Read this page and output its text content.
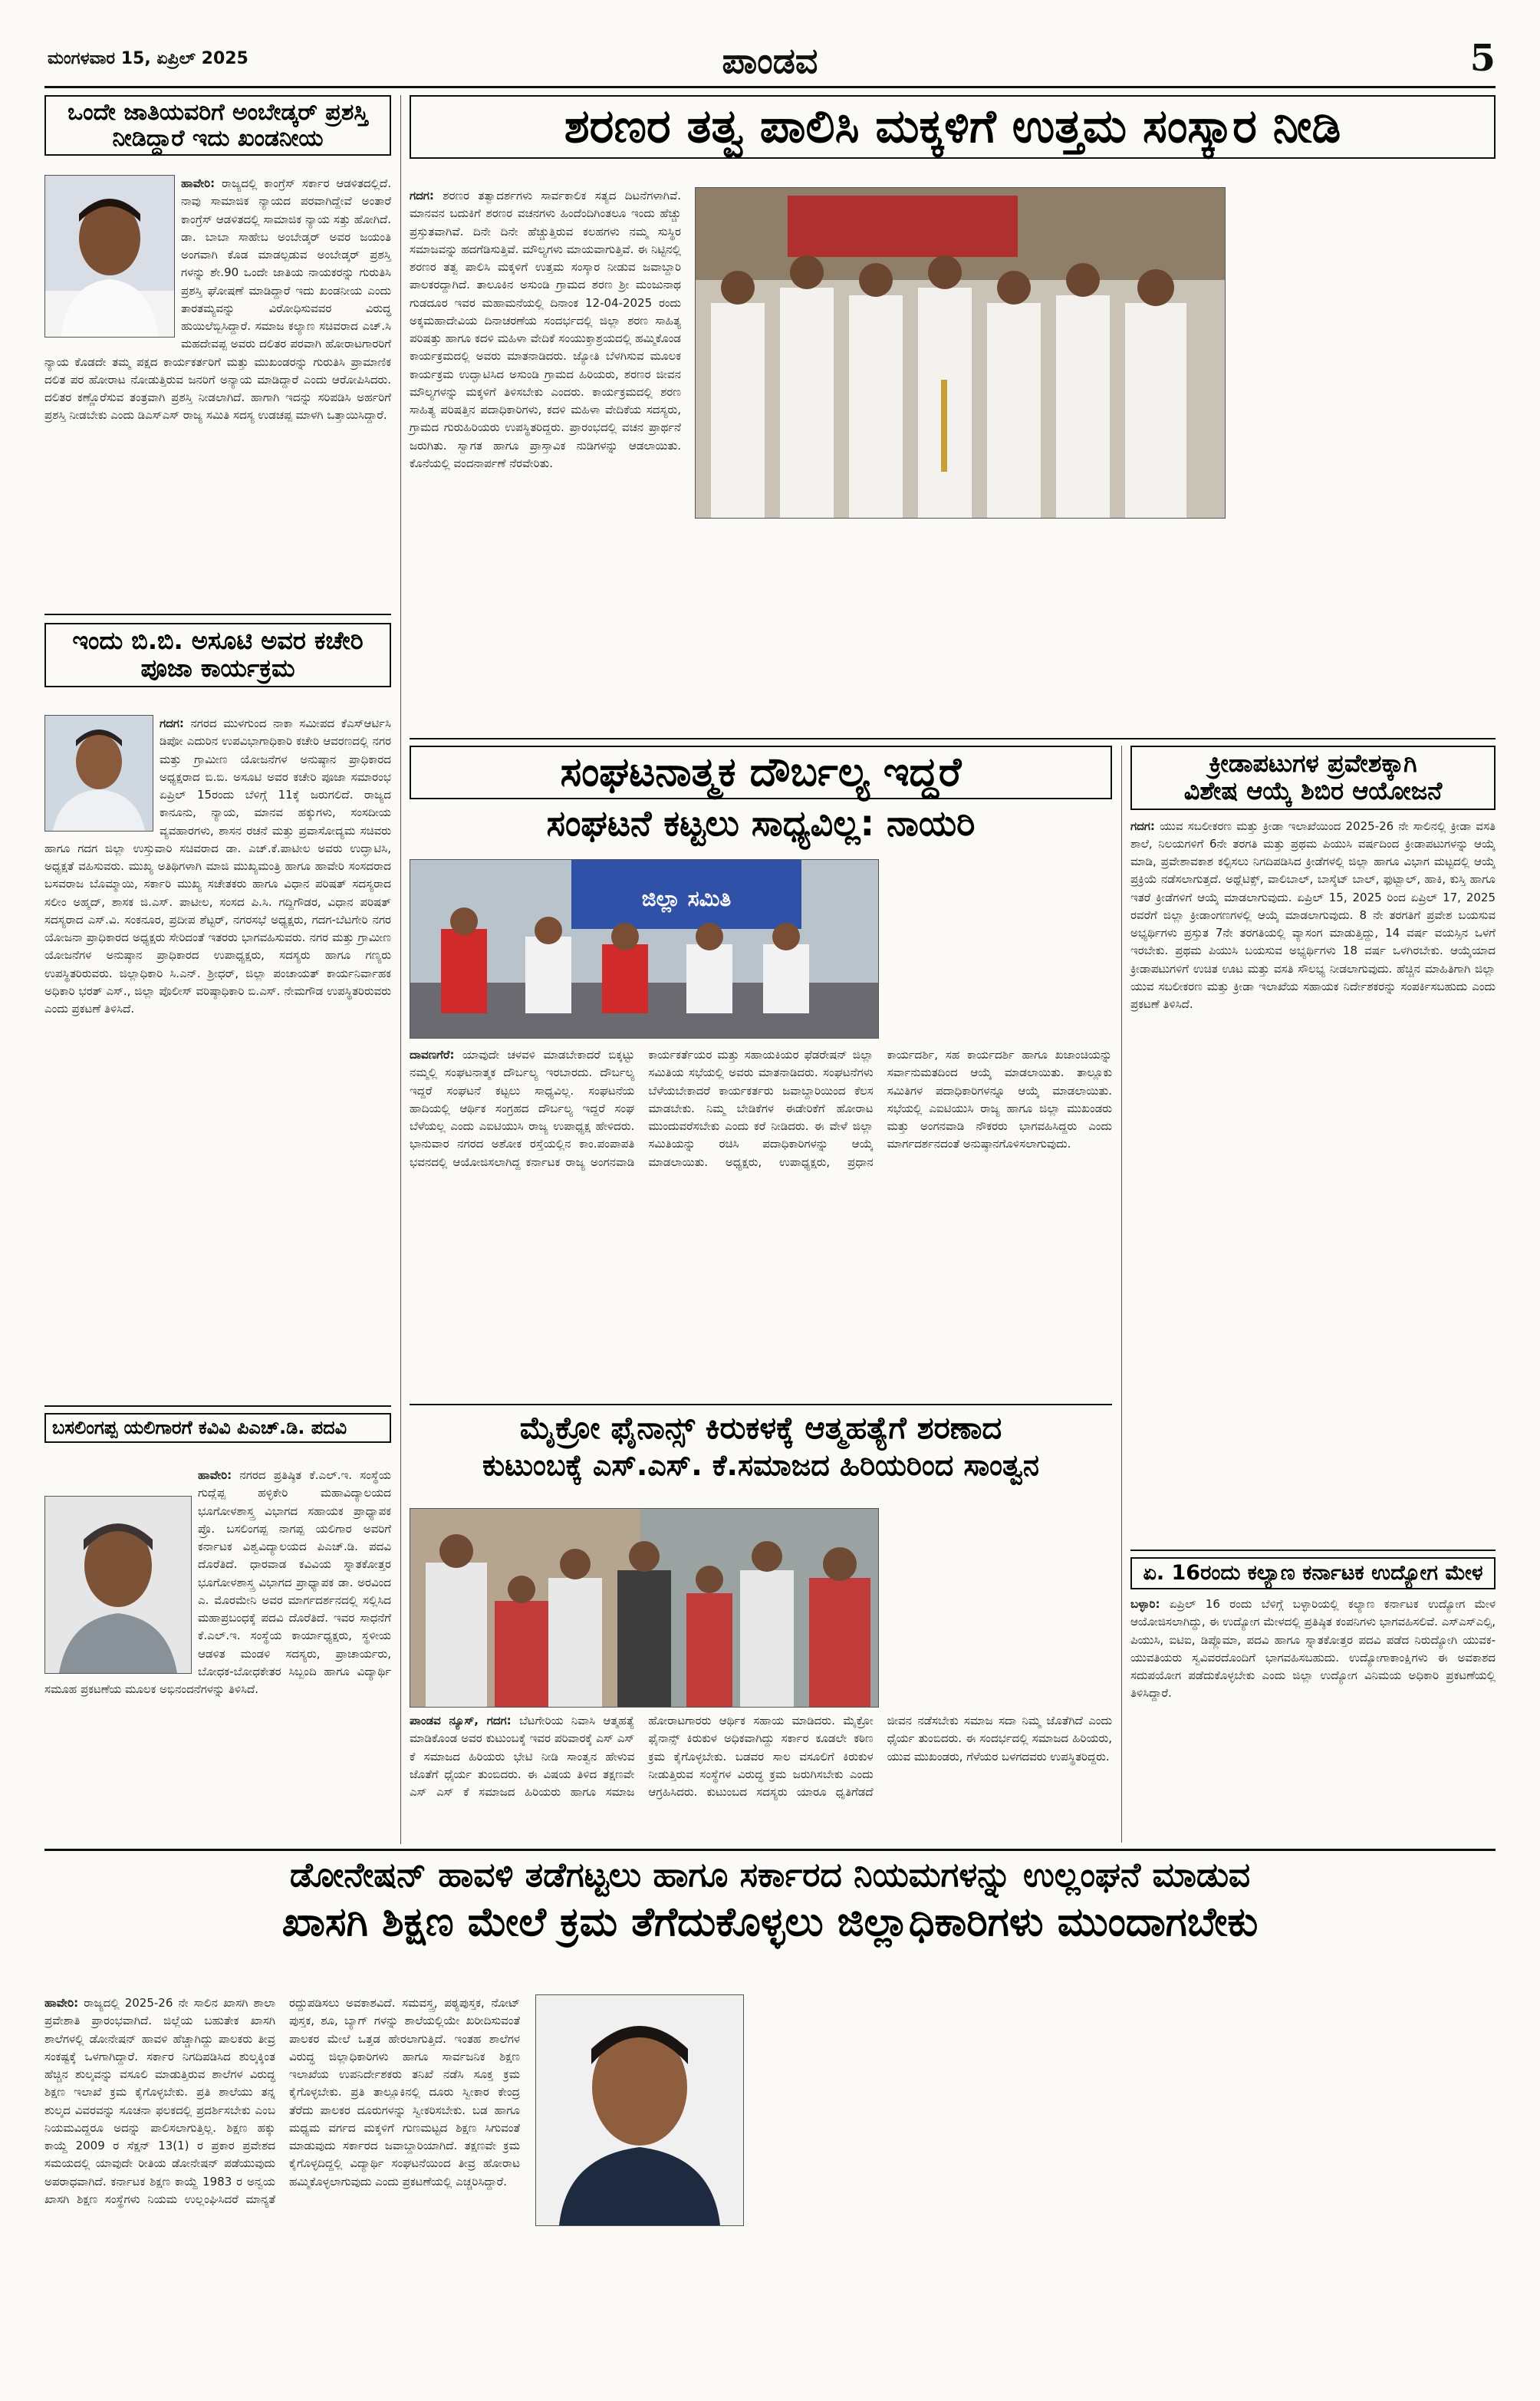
ಮಂಗಳವಾರ 15, ಏಪ್ರಿಲ್ 2025	ಪಾಂಡವ	5
ಒಂದೇ ಜಾತಿಯವರಿಗೆ ಅಂಬೇಡ್ಕರ್ ಪ್ರಶಸ್ತಿ ನೀಡಿದ್ದಾರೆ ಇದು ಖಂಡನೀಯ
ಹಾವೇರಿ: ರಾಜ್ಯದಲ್ಲಿ ಕಾಂಗ್ರೆಸ್ ಸರ್ಕಾರ ಆಡಳಿತದಲ್ಲಿದೆ. ನಾವು ಸಾಮಾಜಿಕ ನ್ಯಾಯದ ಪರವಾಗಿದ್ದೇವೆ ಅಂತಾರೆ ಕಾಂಗ್ರೆಸ್ ಆಡಳಿತದಲ್ಲಿ ಸಾಮಾಜಿಕ ನ್ಯಾಯ ಸತ್ತು ಹೋಗಿದೆ. ಡಾ. ಬಾಬಾ ಸಾಹೇಬ ಅಂಬೇಡ್ಕರ್ ಅವರ ಜಯಂತಿ ಅಂಗವಾಗಿ ಕೊಡ ಮಾಡಲ್ಪಡುವ ಅಂಬೇಡ್ಕರ್ ಪ್ರಶಸ್ತಿ ಗಳನ್ನು ಶೇ.90 ಒಂದೇ ಜಾತಿಯ ನಾಯಕರನ್ನು ಗುರುತಿಸಿ ಪ್ರಶಸ್ತಿ ಘೋಷಣೆ ಮಾಡಿದ್ದಾರೆ ಇದು ಖಂಡನೀಯ ಎಂದು ತಾರತಮ್ಯವನ್ನು ವಿರೋಧಿಸುವವರ ವಿರುದ್ಧ ಹುಯಿಲೆಬ್ಬಿಸಿದ್ದಾರೆ. ಸಮಾಜ ಕಲ್ಯಾಣ ಸಚಿವರಾದ ಎಚ್.ಸಿ ಮಹದೇವಪ್ಪ ಅವರು ದಲಿತರ ಪರವಾಗಿ ಹೋರಾಟಗಾರರಿಗೆ ನ್ಯಾಯ ಕೊಡದೇ ತಮ್ಮ ಪಕ್ಷದ ಕಾರ್ಯಕರ್ತರಿಗೆ ಮತ್ತು ಮುಖಂಡರನ್ನು ಗುರುತಿಸಿ ಪ್ರಾಮಾಣಿಕ ದಲಿತ ಪರ ಹೋರಾಟ ನೋಡುತ್ತಿರುವ ಜನರಿಗೆ ಅನ್ಯಾಯ ಮಾಡಿದ್ದಾರೆ ಎಂದು ಆರೋಪಿಸಿದರು. ದಲಿತರ ಕಣ್ಣೊರೆಸುವ ತಂತ್ರವಾಗಿ ಪ್ರಶಸ್ತಿ ನೀಡಲಾಗಿದೆ. ಹಾಗಾಗಿ ಇದನ್ನು ಸರಿಪಡಿಸಿ ಅರ್ಹರಿಗೆ ಪ್ರಶಸ್ತಿ ನೀಡಬೇಕು ಎಂದು ಡಿಎಸ್ಎಸ್ ರಾಜ್ಯ ಸಮಿತಿ ಸದಸ್ಯ ಉಡಚಪ್ಪ ಮಾಳಗಿ ಒತ್ತಾಯಿಸಿದ್ದಾರೆ.
ಇಂದು ಬಿ.ಬಿ. ಅಸೂಟಿ ಅವರ ಕಚೇರಿ ಪೂಜಾ ಕಾರ್ಯಕ್ರಮ
ಗದಗ: ನಗರದ ಮುಳಗುಂದ ನಾಕಾ ಸಮೀಪದ ಕೆಎಸ್ಆರ್ಟಿಸಿ ಡಿಪೋ ಎದುರಿನ ಉಪವಿಭಾಗಾಧಿಕಾರಿ ಕಚೇರಿ ಆವರಣದಲ್ಲಿ ನಗರ ಮತ್ತು ಗ್ರಾಮೀಣ ಯೋಜನೆಗಳ ಅನುಷ್ಠಾನ ಪ್ರಾಧಿಕಾರದ ಅಧ್ಯಕ್ಷರಾದ ಬಿ.ಬಿ. ಅಸೂಟಿ ಅವರ ಕಚೇರಿ ಪೂಜಾ ಸಮಾರಂಭ ಏಪ್ರಿಲ್ 15ರಂದು ಬೆಳಿಗ್ಗೆ 11ಕ್ಕೆ ಜರುಗಲಿದೆ. ರಾಜ್ಯದ ಕಾನೂನು, ನ್ಯಾಯ, ಮಾನವ ಹಕ್ಕುಗಳು, ಸಂಸದೀಯ ವ್ಯವಹಾರಗಳು, ಶಾಸನ ರಚನೆ ಮತ್ತು ಪ್ರವಾಸೋದ್ಯಮ ಸಚಿವರು ಹಾಗೂ ಗದಗ ಜಿಲ್ಲಾ ಉಸ್ತುವಾರಿ ಸಚಿವರಾದ ಡಾ. ಎಚ್.ಕೆ.ಪಾಟೀಲ ಅವರು ಉದ್ಘಾಟಿಸಿ, ಅಧ್ಯಕ್ಷತೆ ವಹಿಸುವರು. ಮುಖ್ಯ ಅತಿಥಿಗಳಾಗಿ ಮಾಜಿ ಮುಖ್ಯಮಂತ್ರಿ ಹಾಗೂ ಹಾವೇರಿ ಸಂಸದರಾದ ಬಸವರಾಜ ಬೊಮ್ಮಾಯಿ, ಸರ್ಕಾರಿ ಮುಖ್ಯ ಸಚೇತಕರು ಹಾಗೂ ವಿಧಾನ ಪರಿಷತ್ ಸದಸ್ಯರಾದ ಸಲೀಂ ಅಹ್ಮದ್, ಶಾಸಕ ಜಿ.ಎಸ್. ಪಾಟೀಲ, ಸಂಸದ ಪಿ.ಸಿ. ಗದ್ದಿಗೌಡರ, ವಿಧಾನ ಪರಿಷತ್ ಸದಸ್ಯರಾದ ಎಸ್.ವಿ. ಸಂಕನೂರ, ಪ್ರದೀಪ ಶೆಟ್ಟರ್, ನಗರಸಭೆ ಅಧ್ಯಕ್ಷರು, ಗದಗ-ಬೆಟಗೇರಿ ನಗರ ಯೋಜನಾ ಪ್ರಾಧಿಕಾರದ ಅಧ್ಯಕ್ಷರು ಸೇರಿದಂತೆ ಇತರರು ಭಾಗವಹಿಸುವರು. ನಗರ ಮತ್ತು ಗ್ರಾಮೀಣ ಯೋಜನೆಗಳ ಅನುಷ್ಠಾನ ಪ್ರಾಧಿಕಾರದ ಉಪಾಧ್ಯಕ್ಷರು, ಸದಸ್ಯರು ಹಾಗೂ ಗಣ್ಯರು ಉಪಸ್ಥಿತರಿರುವರು. ಜಿಲ್ಲಾಧಿಕಾರಿ ಸಿ.ಎನ್. ಶ್ರೀಧರ್, ಜಿಲ್ಲಾ ಪಂಚಾಯತ್ ಕಾರ್ಯನಿರ್ವಾಹಕ ಅಧಿಕಾರಿ ಭರತ್ ಎಸ್., ಜಿಲ್ಲಾ ಪೊಲೀಸ್ ವರಿಷ್ಠಾಧಿಕಾರಿ ಬಿ.ಎಸ್. ನೇಮಗೌಡ ಉಪಸ್ಥಿತರಿರುವರು ಎಂದು ಪ್ರಕಟಣೆ ತಿಳಿಸಿದೆ.
ಬಸಲಿಂಗಪ್ಪ ಯಲಿಗಾರಗೆ ಕವಿವಿ ಪಿಎಚ್.ಡಿ. ಪದವಿ
ಹಾವೇರಿ: ನಗರದ ಪ್ರತಿಷ್ಠಿತ ಕೆ.ಎಲ್.ಇ. ಸಂಸ್ಥೆಯ ಗುದ್ಲೆಪ್ಪ ಹಳ್ಳಿಕೇರಿ ಮಹಾವಿದ್ಯಾಲಯದ ಭೂಗೋಳಶಾಸ್ತ್ರ ವಿಭಾಗದ ಸಹಾಯಕ ಪ್ರಾಧ್ಯಾಪಕ ಪ್ರೊ. ಬಸಲಿಂಗಪ್ಪ ನಾಗಪ್ಪ ಯಲಿಗಾರ ಅವರಿಗೆ ಕರ್ನಾಟಕ ವಿಶ್ವವಿದ್ಯಾಲಯದ ಪಿಎಚ್.ಡಿ. ಪದವಿ ದೊರೆತಿದೆ. ಧಾರವಾಡ ಕವಿವಿಯ ಸ್ನಾತಕೋತ್ತರ ಭೂಗೋಳಶಾಸ್ತ್ರ ವಿಭಾಗದ ಪ್ರಾಧ್ಯಾಪಕ ಡಾ. ಅರವಿಂದ ಎ. ಮೊರಮೇನಿ ಅವರ ಮಾರ್ಗದರ್ಶನದಲ್ಲಿ ಸಲ್ಲಿಸಿದ ಮಹಾಪ್ರಬಂಧಕ್ಕೆ ಪದವಿ ದೊರೆತಿದೆ. ಇವರ ಸಾಧನೆಗೆ ಕೆ.ಎಲ್.ಇ. ಸಂಸ್ಥೆಯ ಕಾರ್ಯಾಧ್ಯಕ್ಷರು, ಸ್ಥಳೀಯ ಆಡಳಿತ ಮಂಡಳಿ ಸದಸ್ಯರು, ಪ್ರಾಚಾರ್ಯರು, ಬೋಧಕ-ಬೋಧಕೇತರ ಸಿಬ್ಬಂದಿ ಹಾಗೂ ವಿದ್ಯಾರ್ಥಿ ಸಮೂಹ ಪ್ರಕಟಣೆಯ ಮೂಲಕ ಅಭಿನಂದನೆಗಳನ್ನು ತಿಳಿಸಿದೆ.
ಶರಣರ ತತ್ವ ಪಾಲಿಸಿ ಮಕ್ಕಳಿಗೆ ಉತ್ತಮ ಸಂಸ್ಕಾರ ನೀಡಿ
ಗದಗ: ಶರಣರ ತತ್ವಾದರ್ಶಗಳು ಸಾರ್ವಕಾಲಿಕ ಸತ್ಯದ ದಿಟನೆಗಳಾಗಿವೆ. ಮಾನವನ ಬದುಕಿಗೆ ಶರಣರ ವಚನಗಳು ಹಿಂದೆಂದಿಗಿಂತಲೂ ಇಂದು ಹೆಚ್ಚು ಪ್ರಸ್ತುತವಾಗಿವೆ. ದಿನೇ ದಿನೇ ಹೆಚ್ಚುತ್ತಿರುವ ಕಲಹಗಳು ನಮ್ಮ ಸುಸ್ಥಿರ ಸಮಾಜವನ್ನು ಹದಗೆಡಿಸುತ್ತಿವೆ. ಮೌಲ್ಯಗಳು ಮಾಯವಾಗುತ್ತಿವೆ. ಈ ನಿಟ್ಟಿನಲ್ಲಿ ಶರಣರ ತತ್ವ ಪಾಲಿಸಿ ಮಕ್ಕಳಿಗೆ ಉತ್ತಮ ಸಂಸ್ಕಾರ ನೀಡುವ ಜವಾಬ್ದಾರಿ ಪಾಲಕರದ್ದಾಗಿದೆ. ತಾಲೂಕಿನ ಅಸುಂಡಿ ಗ್ರಾಮದ ಶರಣ ಶ್ರೀ ಮಂಜುನಾಥ ಗುಡದೂರ ಇವರ ಮಹಾಮನೆಯಲ್ಲಿ ದಿನಾಂಕ 12-04-2025 ರಂದು ಅಕ್ಕಮಹಾದೇವಿಯ ದಿನಾಚರಣೆಯ ಸಂದರ್ಭದಲ್ಲಿ ಜಿಲ್ಲಾ ಶರಣ ಸಾಹಿತ್ಯ ಪರಿಷತ್ತು ಹಾಗೂ ಕದಳಿ ಮಹಿಳಾ ವೇದಿಕೆ ಸಂಯುಕ್ತಾಶ್ರಯದಲ್ಲಿ ಹಮ್ಮಿಕೊಂಡ ಕಾರ್ಯಕ್ರಮದಲ್ಲಿ ಅವರು ಮಾತನಾಡಿದರು. ಜ್ಯೋತಿ ಬೆಳಗಿಸುವ ಮೂಲಕ ಕಾರ್ಯಕ್ರಮ ಉದ್ಘಾಟಿಸಿದ ಅಸುಂಡಿ ಗ್ರಾಮದ ಹಿರಿಯರು, ಶರಣರ ಜೀವನ ಮೌಲ್ಯಗಳನ್ನು ಮಕ್ಕಳಿಗೆ ತಿಳಿಸಬೇಕು ಎಂದರು. ಕಾರ್ಯಕ್ರಮದಲ್ಲಿ ಶರಣ ಸಾಹಿತ್ಯ ಪರಿಷತ್ತಿನ ಪದಾಧಿಕಾರಿಗಳು, ಕದಳಿ ಮಹಿಳಾ ವೇದಿಕೆಯ ಸದಸ್ಯರು, ಗ್ರಾಮದ ಗುರುಹಿರಿಯರು ಉಪಸ್ಥಿತರಿದ್ದರು. ಪ್ರಾರಂಭದಲ್ಲಿ ವಚನ ಪ್ರಾರ್ಥನೆ ಜರುಗಿತು. ಸ್ವಾಗತ ಹಾಗೂ ಪ್ರಾಸ್ತಾವಿಕ ನುಡಿಗಳನ್ನು ಆಡಲಾಯಿತು. ಕೊನೆಯಲ್ಲಿ ವಂದನಾರ್ಪಣೆ ನೆರವೇರಿತು.
ಸಂಘಟನಾತ್ಮಕ ದೌರ್ಬಲ್ಯ ಇದ್ದರೆ
ಸಂಘಟನೆ ಕಟ್ಟಲು ಸಾಧ್ಯವಿಲ್ಲ: ನಾಯರಿ
ಜಿಲ್ಲಾ ಸಮಿತಿ
ದಾವಣಗೆರೆ: ಯಾವುದೇ ಚಳವಳಿ ಮಾಡಬೇಕಾದರೆ ಬಿಕ್ಕಟ್ಟು ನಮ್ಮಲ್ಲಿ ಸಂಘಟನಾತ್ಮಕ ದೌರ್ಬಲ್ಯ ಇರಬಾರದು. ದೌರ್ಬಲ್ಯ ಇದ್ದರೆ ಸಂಘಟನೆ ಕಟ್ಟಲು ಸಾಧ್ಯವಿಲ್ಲ. ಸಂಘಟನೆಯ ಹಾದಿಯಲ್ಲಿ ಆರ್ಥಿಕ ಸಂಗ್ರಹದ ದೌರ್ಬಲ್ಯ ಇದ್ದರೆ ಸಂಘ ಬೆಳೆಯಲ್ಲ ಎಂದು ಎಐಟಿಯುಸಿ ರಾಜ್ಯ ಉಪಾಧ್ಯಕ್ಷ ಹೇಳಿದರು. ಭಾನುವಾರ ನಗರದ ಅಶೋಕ ರಸ್ತೆಯಲ್ಲಿನ ಕಾಂ.ಪಂಪಾಪತಿ ಭವನದಲ್ಲಿ ಆಯೋಜಿಸಲಾಗಿದ್ದ ಕರ್ನಾಟಕ ರಾಜ್ಯ ಅಂಗನವಾಡಿ ಕಾರ್ಯಕರ್ತೆಯರ ಮತ್ತು ಸಹಾಯಕಿಯರ ಫೆಡರೇಷನ್ ಜಿಲ್ಲಾ ಸಮಿತಿಯ ಸಭೆಯಲ್ಲಿ ಅವರು ಮಾತನಾಡಿದರು. ಸಂಘಟನೆಗಳು ಬೆಳೆಯಬೇಕಾದರೆ ಕಾರ್ಯಕರ್ತರು ಜವಾಬ್ದಾರಿಯಿಂದ ಕೆಲಸ ಮಾಡಬೇಕು. ನಿಮ್ಮ ಬೇಡಿಕೆಗಳ ಈಡೇರಿಕೆಗೆ ಹೋರಾಟ ಮುಂದುವರೆಸಬೇಕು ಎಂದು ಕರೆ ನೀಡಿದರು. ಈ ವೇಳೆ ಜಿಲ್ಲಾ ಸಮಿತಿಯನ್ನು ರಚಿಸಿ ಪದಾಧಿಕಾರಿಗಳನ್ನು ಆಯ್ಕೆ ಮಾಡಲಾಯಿತು. ಅಧ್ಯಕ್ಷರು, ಉಪಾಧ್ಯಕ್ಷರು, ಪ್ರಧಾನ ಕಾರ್ಯದರ್ಶಿ, ಸಹ ಕಾರ್ಯದರ್ಶಿ ಹಾಗೂ ಖಜಾಂಚಿಯನ್ನು ಸರ್ವಾನುಮತದಿಂದ ಆಯ್ಕೆ ಮಾಡಲಾಯಿತು. ತಾಲ್ಲೂಕು ಸಮಿತಿಗಳ ಪದಾಧಿಕಾರಿಗಳನ್ನೂ ಆಯ್ಕೆ ಮಾಡಲಾಯಿತು. ಸಭೆಯಲ್ಲಿ ಎಐಟಿಯುಸಿ ರಾಜ್ಯ ಹಾಗೂ ಜಿಲ್ಲಾ ಮುಖಂಡರು ಮತ್ತು ಅಂಗನವಾಡಿ ನೌಕರರು ಭಾಗವಹಿಸಿದ್ದರು ಎಂದು ಮಾರ್ಗದರ್ಶನದಂತೆ ಅನುಷ್ಠಾನಗೊಳಿಸಲಾಗುವುದು.
ಕ್ರೀಡಾಪಟುಗಳ ಪ್ರವೇಶಕ್ಕಾಗಿ
ವಿಶೇಷ ಆಯ್ಕೆ ಶಿಬಿರ ಆಯೋಜನೆ
ಗದಗ: ಯುವ ಸಬಲೀಕರಣ ಮತ್ತು ಕ್ರೀಡಾ ಇಲಾಖೆಯಿಂದ 2025-26 ನೇ ಸಾಲಿನಲ್ಲಿ ಕ್ರೀಡಾ ವಸತಿ ಶಾಲೆ, ನಿಲಯಗಳಿಗೆ 6ನೇ ತರಗತಿ ಮತ್ತು ಪ್ರಥಮ ಪಿಯುಸಿ ವರ್ಷದಿಂದ ಕ್ರೀಡಾಪಟುಗಳನ್ನು ಆಯ್ಕೆ ಮಾಡಿ, ಪ್ರವೇಶಾವಕಾಶ ಕಲ್ಪಿಸಲು ನಿಗದಿಪಡಿಸಿದ ಕ್ರೀಡೆಗಳಲ್ಲಿ ಜಿಲ್ಲಾ ಹಾಗೂ ವಿಭಾಗ ಮಟ್ಟದಲ್ಲಿ ಆಯ್ಕೆ ಪ್ರಕ್ರಿಯೆ ನಡೆಸಲಾಗುತ್ತದೆ. ಅಥ್ಲೆಟಿಕ್ಸ್, ವಾಲಿಬಾಲ್, ಬಾಸ್ಕೆಟ್ ಬಾಲ್, ಫುಟ್ಬಾಲ್, ಹಾಕಿ, ಕುಸ್ತಿ ಹಾಗೂ ಇತರೆ ಕ್ರೀಡೆಗಳಿಗೆ ಆಯ್ಕೆ ಮಾಡಲಾಗುವುದು. ಏಪ್ರಿಲ್ 15, 2025 ರಿಂದ ಏಪ್ರಿಲ್ 17, 2025 ರವರೆಗೆ ಜಿಲ್ಲಾ ಕ್ರೀಡಾಂಗಣಗಳಲ್ಲಿ ಆಯ್ಕೆ ಮಾಡಲಾಗುವುದು. 8 ನೇ ತರಗತಿಗೆ ಪ್ರವೇಶ ಬಯಸುವ ಅಭ್ಯರ್ಥಿಗಳು ಪ್ರಸ್ತುತ 7ನೇ ತರಗತಿಯಲ್ಲಿ ವ್ಯಾಸಂಗ ಮಾಡುತ್ತಿದ್ದು, 14 ವರ್ಷ ವಯಸ್ಸಿನ ಒಳಗೆ ಇರಬೇಕು. ಪ್ರಥಮ ಪಿಯುಸಿ ಬಯಸುವ ಅಭ್ಯರ್ಥಿಗಳು 18 ವರ್ಷ ಒಳಗಿರಬೇಕು. ಆಯ್ಕೆಯಾದ ಕ್ರೀಡಾಪಟುಗಳಿಗೆ ಉಚಿತ ಊಟ ಮತ್ತು ವಸತಿ ಸೌಲಭ್ಯ ನೀಡಲಾಗುವುದು. ಹೆಚ್ಚಿನ ಮಾಹಿತಿಗಾಗಿ ಜಿಲ್ಲಾ ಯುವ ಸಬಲೀಕರಣ ಮತ್ತು ಕ್ರೀಡಾ ಇಲಾಖೆಯ ಸಹಾಯಕ ನಿರ್ದೇಶಕರನ್ನು ಸಂಪರ್ಕಿಸಬಹುದು ಎಂದು ಪ್ರಕಟಣೆ ತಿಳಿಸಿದೆ.
ಏ. 16ರಂದು ಕಲ್ಯಾಣ ಕರ್ನಾಟಕ ಉದ್ಯೋಗ ಮೇಳ
ಬಳ್ಳಾರಿ: ಏಪ್ರಿಲ್ 16 ರಂದು ಬೆಳಿಗ್ಗೆ ಬಳ್ಳಾರಿಯಲ್ಲಿ ಕಲ್ಯಾಣ ಕರ್ನಾಟಕ ಉದ್ಯೋಗ ಮೇಳ ಆಯೋಜಿಸಲಾಗಿದ್ದು, ಈ ಉದ್ಯೋಗ ಮೇಳದಲ್ಲಿ ಪ್ರತಿಷ್ಠಿತ ಕಂಪನಿಗಳು ಭಾಗವಹಿಸಲಿವೆ. ಎಸ್ಎಸ್ಎಲ್ಸಿ, ಪಿಯುಸಿ, ಐಟಿಐ, ಡಿಪ್ಲೊಮಾ, ಪದವಿ ಹಾಗೂ ಸ್ನಾತಕೋತ್ತರ ಪದವಿ ಪಡೆದ ನಿರುದ್ಯೋಗಿ ಯುವಕ-ಯುವತಿಯರು ಸ್ವವಿವರದೊಂದಿಗೆ ಭಾಗವಹಿಸಬಹುದು. ಉದ್ಯೋಗಾಕಾಂಕ್ಷಿಗಳು ಈ ಅವಕಾಶದ ಸದುಪಯೋಗ ಪಡೆದುಕೊಳ್ಳಬೇಕು ಎಂದು ಜಿಲ್ಲಾ ಉದ್ಯೋಗ ವಿನಿಮಯ ಅಧಿಕಾರಿ ಪ್ರಕಟಣೆಯಲ್ಲಿ ತಿಳಿಸಿದ್ದಾರೆ.
ಮೈಕ್ರೋ ಫೈನಾನ್ಸ್ ಕಿರುಕಳಕ್ಕೆ ಆತ್ಮಹತ್ಯೆಗೆ ಶರಣಾದ
ಕುಟುಂಬಕ್ಕೆ ಎಸ್.ಎಸ್. ಕೆ.ಸಮಾಜದ ಹಿರಿಯರಿಂದ ಸಾಂತ್ವನ
ಪಾಂಡವ ನ್ಯೂಸ್, ಗದಗ: ಬೆಟಗೇರಿಯ ನಿವಾಸಿ ಆತ್ಮಹತ್ಯೆ ಮಾಡಿಕೊಂಡ ಅವರ ಕುಟುಂಬಕ್ಕೆ ಇವರ ಪರಿವಾರಕ್ಕೆ ಎಸ್ ಎಸ್ ಕೆ ಸಮಾಜದ ಹಿರಿಯರು ಭೇಟಿ ನೀಡಿ ಸಾಂತ್ವನ ಹೇಳುವ ಜೊತೆಗೆ ಧೈರ್ಯ ತುಂಬಿದರು. ಈ ವಿಷಯ ತಿಳಿದ ತಕ್ಷಣವೇ ಎಸ್ ಎಸ್ ಕೆ ಸಮಾಜದ ಹಿರಿಯರು ಹಾಗೂ ಸಮಾಜ ಹೋರಾಟಗಾರರು ಆರ್ಥಿಕ ಸಹಾಯ ಮಾಡಿದರು. ಮೈಕ್ರೋ ಫೈನಾನ್ಸ್ ಕಿರುಕುಳ ಅಧಿಕವಾಗಿದ್ದು ಸರ್ಕಾರ ಕೂಡಲೇ ಕಠಿಣ ಕ್ರಮ ಕೈಗೊಳ್ಳಬೇಕು. ಬಡವರ ಸಾಲ ವಸೂಲಿಗೆ ಕಿರುಕುಳ ನೀಡುತ್ತಿರುವ ಸಂಸ್ಥೆಗಳ ವಿರುದ್ಧ ಕ್ರಮ ಜರುಗಿಸಬೇಕು ಎಂದು ಆಗ್ರಹಿಸಿದರು. ಕುಟುಂಬದ ಸದಸ್ಯರು ಯಾರೂ ಧೃತಿಗೆಡದೆ ಜೀವನ ನಡೆಸಬೇಕು ಸಮಾಜ ಸದಾ ನಿಮ್ಮ ಜೊತೆಗಿದೆ ಎಂದು ಧೈರ್ಯ ತುಂಬಿದರು. ಈ ಸಂದರ್ಭದಲ್ಲಿ ಸಮಾಜದ ಹಿರಿಯರು, ಯುವ ಮುಖಂಡರು, ಗೆಳೆಯರ ಬಳಗದವರು ಉಪಸ್ಥಿತರಿದ್ದರು.
ಡೋನೇಷನ್ ಹಾವಳಿ ತಡೆಗಟ್ಟಲು ಹಾಗೂ ಸರ್ಕಾರದ ನಿಯಮಗಳನ್ನು ಉಲ್ಲಂಘನೆ ಮಾಡುವ
ಖಾಸಗಿ ಶಿಕ್ಷಣ ಮೇಲೆ ಕ್ರಮ ತೆಗೆದುಕೊಳ್ಳಲು ಜಿಲ್ಲಾಧಿಕಾರಿಗಳು ಮುಂದಾಗಬೇಕು
ಹಾವೇರಿ: ರಾಜ್ಯದಲ್ಲಿ 2025-26 ನೇ ಸಾಲಿನ ಖಾಸಗಿ ಶಾಲಾ ಪ್ರವೇಶಾತಿ ಪ್ರಾರಂಭವಾಗಿದೆ. ಜಿಲ್ಲೆಯ ಬಹುತೇಕ ಖಾಸಗಿ ಶಾಲೆಗಳಲ್ಲಿ ಡೋನೇಷನ್ ಹಾವಳಿ ಹೆಚ್ಚಾಗಿದ್ದು ಪಾಲಕರು ತೀವ್ರ ಸಂಕಷ್ಟಕ್ಕೆ ಒಳಗಾಗಿದ್ದಾರೆ. ಸರ್ಕಾರ ನಿಗದಿಪಡಿಸಿದ ಶುಲ್ಕಕ್ಕಿಂತ ಹೆಚ್ಚಿನ ಶುಲ್ಕವನ್ನು ವಸೂಲಿ ಮಾಡುತ್ತಿರುವ ಶಾಲೆಗಳ ವಿರುದ್ಧ ಶಿಕ್ಷಣ ಇಲಾಖೆ ಕ್ರಮ ಕೈಗೊಳ್ಳಬೇಕು. ಪ್ರತಿ ಶಾಲೆಯು ತನ್ನ ಶುಲ್ಕದ ವಿವರವನ್ನು ಸೂಚನಾ ಫಲಕದಲ್ಲಿ ಪ್ರದರ್ಶಿಸಬೇಕು ಎಂಬ ನಿಯಮವಿದ್ದರೂ ಅದನ್ನು ಪಾಲಿಸಲಾಗುತ್ತಿಲ್ಲ. ಶಿಕ್ಷಣ ಹಕ್ಕು ಕಾಯ್ದೆ 2009 ರ ಸೆಕ್ಷನ್ 13(1) ರ ಪ್ರಕಾರ ಪ್ರವೇಶದ ಸಮಯದಲ್ಲಿ ಯಾವುದೇ ರೀತಿಯ ಡೋನೇಷನ್ ಪಡೆಯುವುದು ಅಪರಾಧವಾಗಿದೆ. ಕರ್ನಾಟಕ ಶಿಕ್ಷಣ ಕಾಯ್ದೆ 1983 ರ ಅನ್ವಯ ಖಾಸಗಿ ಶಿಕ್ಷಣ ಸಂಸ್ಥೆಗಳು ನಿಯಮ ಉಲ್ಲಂಘಿಸಿದರೆ ಮಾನ್ಯತೆ ರದ್ದುಪಡಿಸಲು ಅವಕಾಶವಿದೆ. ಸಮವಸ್ತ್ರ, ಪಠ್ಯಪುಸ್ತಕ, ನೋಟ್ ಪುಸ್ತಕ, ಶೂ, ಬ್ಯಾಗ್ ಗಳನ್ನು ಶಾಲೆಯಲ್ಲಿಯೇ ಖರೀದಿಸುವಂತೆ ಪಾಲಕರ ಮೇಲೆ ಒತ್ತಡ ಹೇರಲಾಗುತ್ತಿದೆ. ಇಂತಹ ಶಾಲೆಗಳ ವಿರುದ್ಧ ಜಿಲ್ಲಾಧಿಕಾರಿಗಳು ಹಾಗೂ ಸಾರ್ವಜನಿಕ ಶಿಕ್ಷಣ ಇಲಾಖೆಯ ಉಪನಿರ್ದೇಶಕರು ತನಿಖೆ ನಡೆಸಿ ಸೂಕ್ತ ಕ್ರಮ ಕೈಗೊಳ್ಳಬೇಕು. ಪ್ರತಿ ತಾಲ್ಲೂಕಿನಲ್ಲಿ ದೂರು ಸ್ವೀಕಾರ ಕೇಂದ್ರ ತೆರೆದು ಪಾಲಕರ ದೂರುಗಳನ್ನು ಸ್ವೀಕರಿಸಬೇಕು. ಬಡ ಹಾಗೂ ಮಧ್ಯಮ ವರ್ಗದ ಮಕ್ಕಳಿಗೆ ಗುಣಮಟ್ಟದ ಶಿಕ್ಷಣ ಸಿಗುವಂತೆ ಮಾಡುವುದು ಸರ್ಕಾರದ ಜವಾಬ್ದಾರಿಯಾಗಿದೆ. ತಕ್ಷಣವೇ ಕ್ರಮ ಕೈಗೊಳ್ಳದಿದ್ದಲ್ಲಿ ವಿದ್ಯಾರ್ಥಿ ಸಂಘಟನೆಯಿಂದ ತೀವ್ರ ಹೋರಾಟ ಹಮ್ಮಿಕೊಳ್ಳಲಾಗುವುದು ಎಂದು ಪ್ರಕಟಣೆಯಲ್ಲಿ ಎಚ್ಚರಿಸಿದ್ದಾರೆ.
